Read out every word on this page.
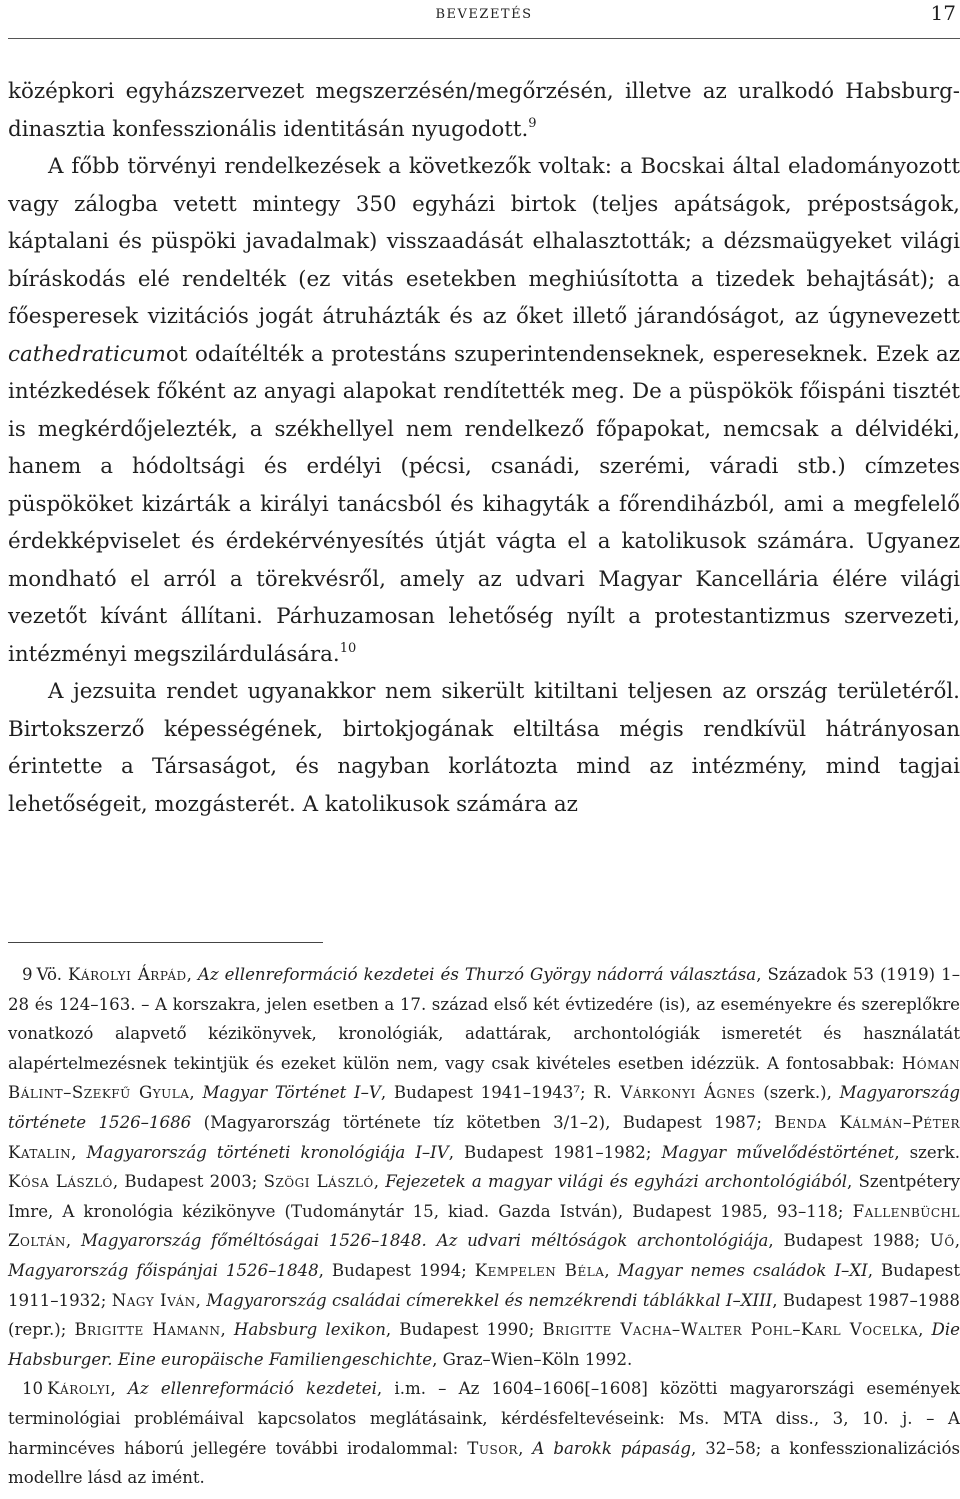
bevezetés	17

középkori egyházszervezet megszerzésén/megőrzésén, illetve az uralkodó Habsburg-dinasztia konfesszionális identitásán nyugodott.$^9$

A főbb törvényi rendelkezések a következők voltak: a Bocskai által eladományozott vagy zálogba vetett mintegy 350 egyházi birtok (teljes apátságok, prépostságok, káptalani és püspöki javadalmak) visszaadását elhalasztották; a dézsmaügyeket világi bíráskodás elé rendelték (ez vitás esetekben meghiúsította a tizedek behajtását); a főesperesek vizitációs jogát átruházták és az őket illető járandóságot, az úgynevezett cathedraticumot odaítélték a protestáns szuperintendenseknek, espereseknek. Ezek az intézkedések főként az anyagi alapokat rendítették meg. De a püspökök főispáni tisztét is megkérdőjelezték, a székhellyel nem rendelkező főpapokat, nemcsak a délvidéki, hanem a hódoltsági és erdélyi (pécsi, csanádi, szerémi, váradi stb.) címzetes püspököket kizárták a királyi tanácsból és kihagyták a főrendiházból, ami a megfelelő érdekképviselet és érdekérvényesítés útját vágta el a katolikusok számára. Ugyanez mondható el arról a törekvésről, amely az udvari Magyar Kancellária élére világi vezetőt kívánt állítani. Párhuzamosan lehetőség nyílt a protestantizmus szervezeti, intézményi megszilárdulására.$^{10}$

A jezsuita rendet ugyanakkor nem sikerült kitiltani teljesen az ország területéről. Birtokszerző képességének, birtokjogának eltiltása mégis rendkívül hátrányosan érintette a Társaságot, és nagyban korlátozta mind az intézmény, mind tagjai lehetőségeit, mozgásterét. A katolikusok számára az

9 Vö. Károlyi Árpád, Az ellenreformáció kezdetei és Thurzó György nádorrá választása, Századok 53 (1919) 1–28 és 124–163. – A korszakra, jelen esetben a 17. század első két évtizedére (is), az eseményekre és szereplőkre vonatkozó alapvető kézikönyvek, kronológiák, adattárak, archontológiák ismeretét és használatát alapértelmezésnek tekintjük és ezeket külön nem, vagy csak kivételes esetben idézzük. A fontosabbak: Hóman Bálint–Szekfű Gyula, Magyar Történet I–V, Budapest 1941–1943⁷; R. Várkonyi Ágnes (szerk.), Magyarország története 1526–1686 (Magyarország története tíz kötetben 3/1–2), Budapest 1987; Benda Kálmán–Péter Katalin, Magyarország történeti kronológiája I–IV, Budapest 1981–1982; Magyar művelődéstörténet, szerk. Kósa László, Budapest 2003; Szögi László, Fejezetek a magyar világi és egyházi archontológiából, Szentpétery Imre, A kronológia kézikönyve (Tudománytár 15, kiad. Gazda István), Budapest 1985, 93–118; Fallenbüchl Zoltán, Magyarország főméltóságai 1526–1848. Az udvari méltóságok archontológiája, Budapest 1988; Uő, Magyarország főispánjai 1526–1848, Budapest 1994; Kempelen Béla, Magyar nemes családok I–XI, Budapest 1911–1932; Nagy Iván, Magyarország családai címerekkel és nemzékrendi táblákkal I–XIII, Budapest 1987–1988 (repr.); Brigitte Hamann, Habsburg lexikon, Budapest 1990; Brigitte Vacha–Walter Pohl–Karl Vocelka, Die Habsburger. Eine europäische Familiengeschichte, Graz–Wien–Köln 1992.

10 Károlyi, Az ellenreformáció kezdetei, i.m. – Az 1604–1606[–1608] közötti magyarországi események terminológiai problémáival kapcsolatos meglátásaink, kérdésfeltevéseink: Ms. MTA diss., 3, 10. j. – A harmincéves háború jellegére további irodalommal: Tusor, A barokk pápaság, 32–58; a konfesszionalizációs modellre lásd az imént.
